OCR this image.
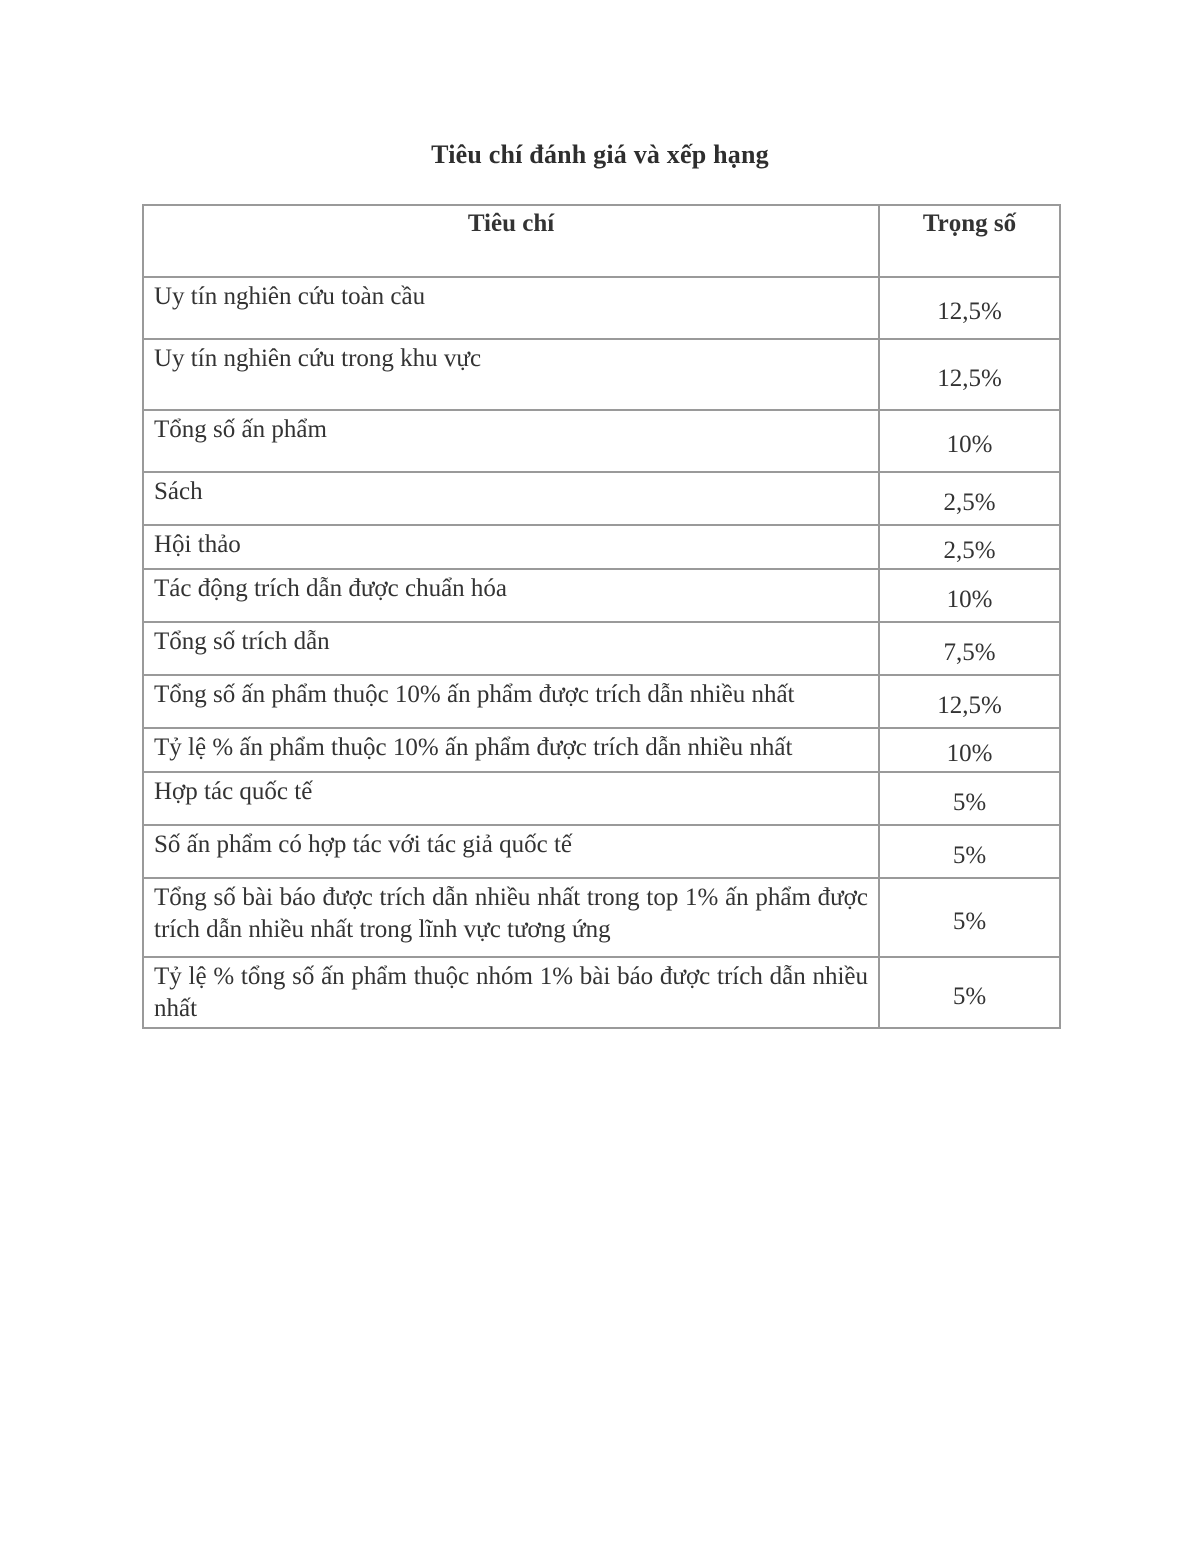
Tiêu chí đánh giá và xếp hạng
Tiêu chí	Trọng số
Uy tín nghiên cứu toàn cầu	12,5%
Uy tín nghiên cứu trong khu vực	12,5%
Tổng số ấn phẩm	10%
Sách	2,5%
Hội thảo	2,5%
Tác động trích dẫn được chuẩn hóa	10%
Tổng số trích dẫn	7,5%
Tổng số ấn phẩm thuộc 10% ấn phẩm được trích dẫn nhiều nhất	12,5%
Tỷ lệ % ấn phẩm thuộc 10% ấn phẩm được trích dẫn nhiều nhất	10%
Hợp tác quốc tế	5%
Số ấn phẩm có hợp tác với tác giả quốc tế	5%
Tổng số bài báo được trích dẫn nhiều nhất trong top 1% ấn phẩm được trích dẫn nhiều nhất trong lĩnh vực tương ứng	5%
Tỷ lệ % tổng số ấn phẩm thuộc nhóm 1% bài báo được trích dẫn nhiều nhất	5%
